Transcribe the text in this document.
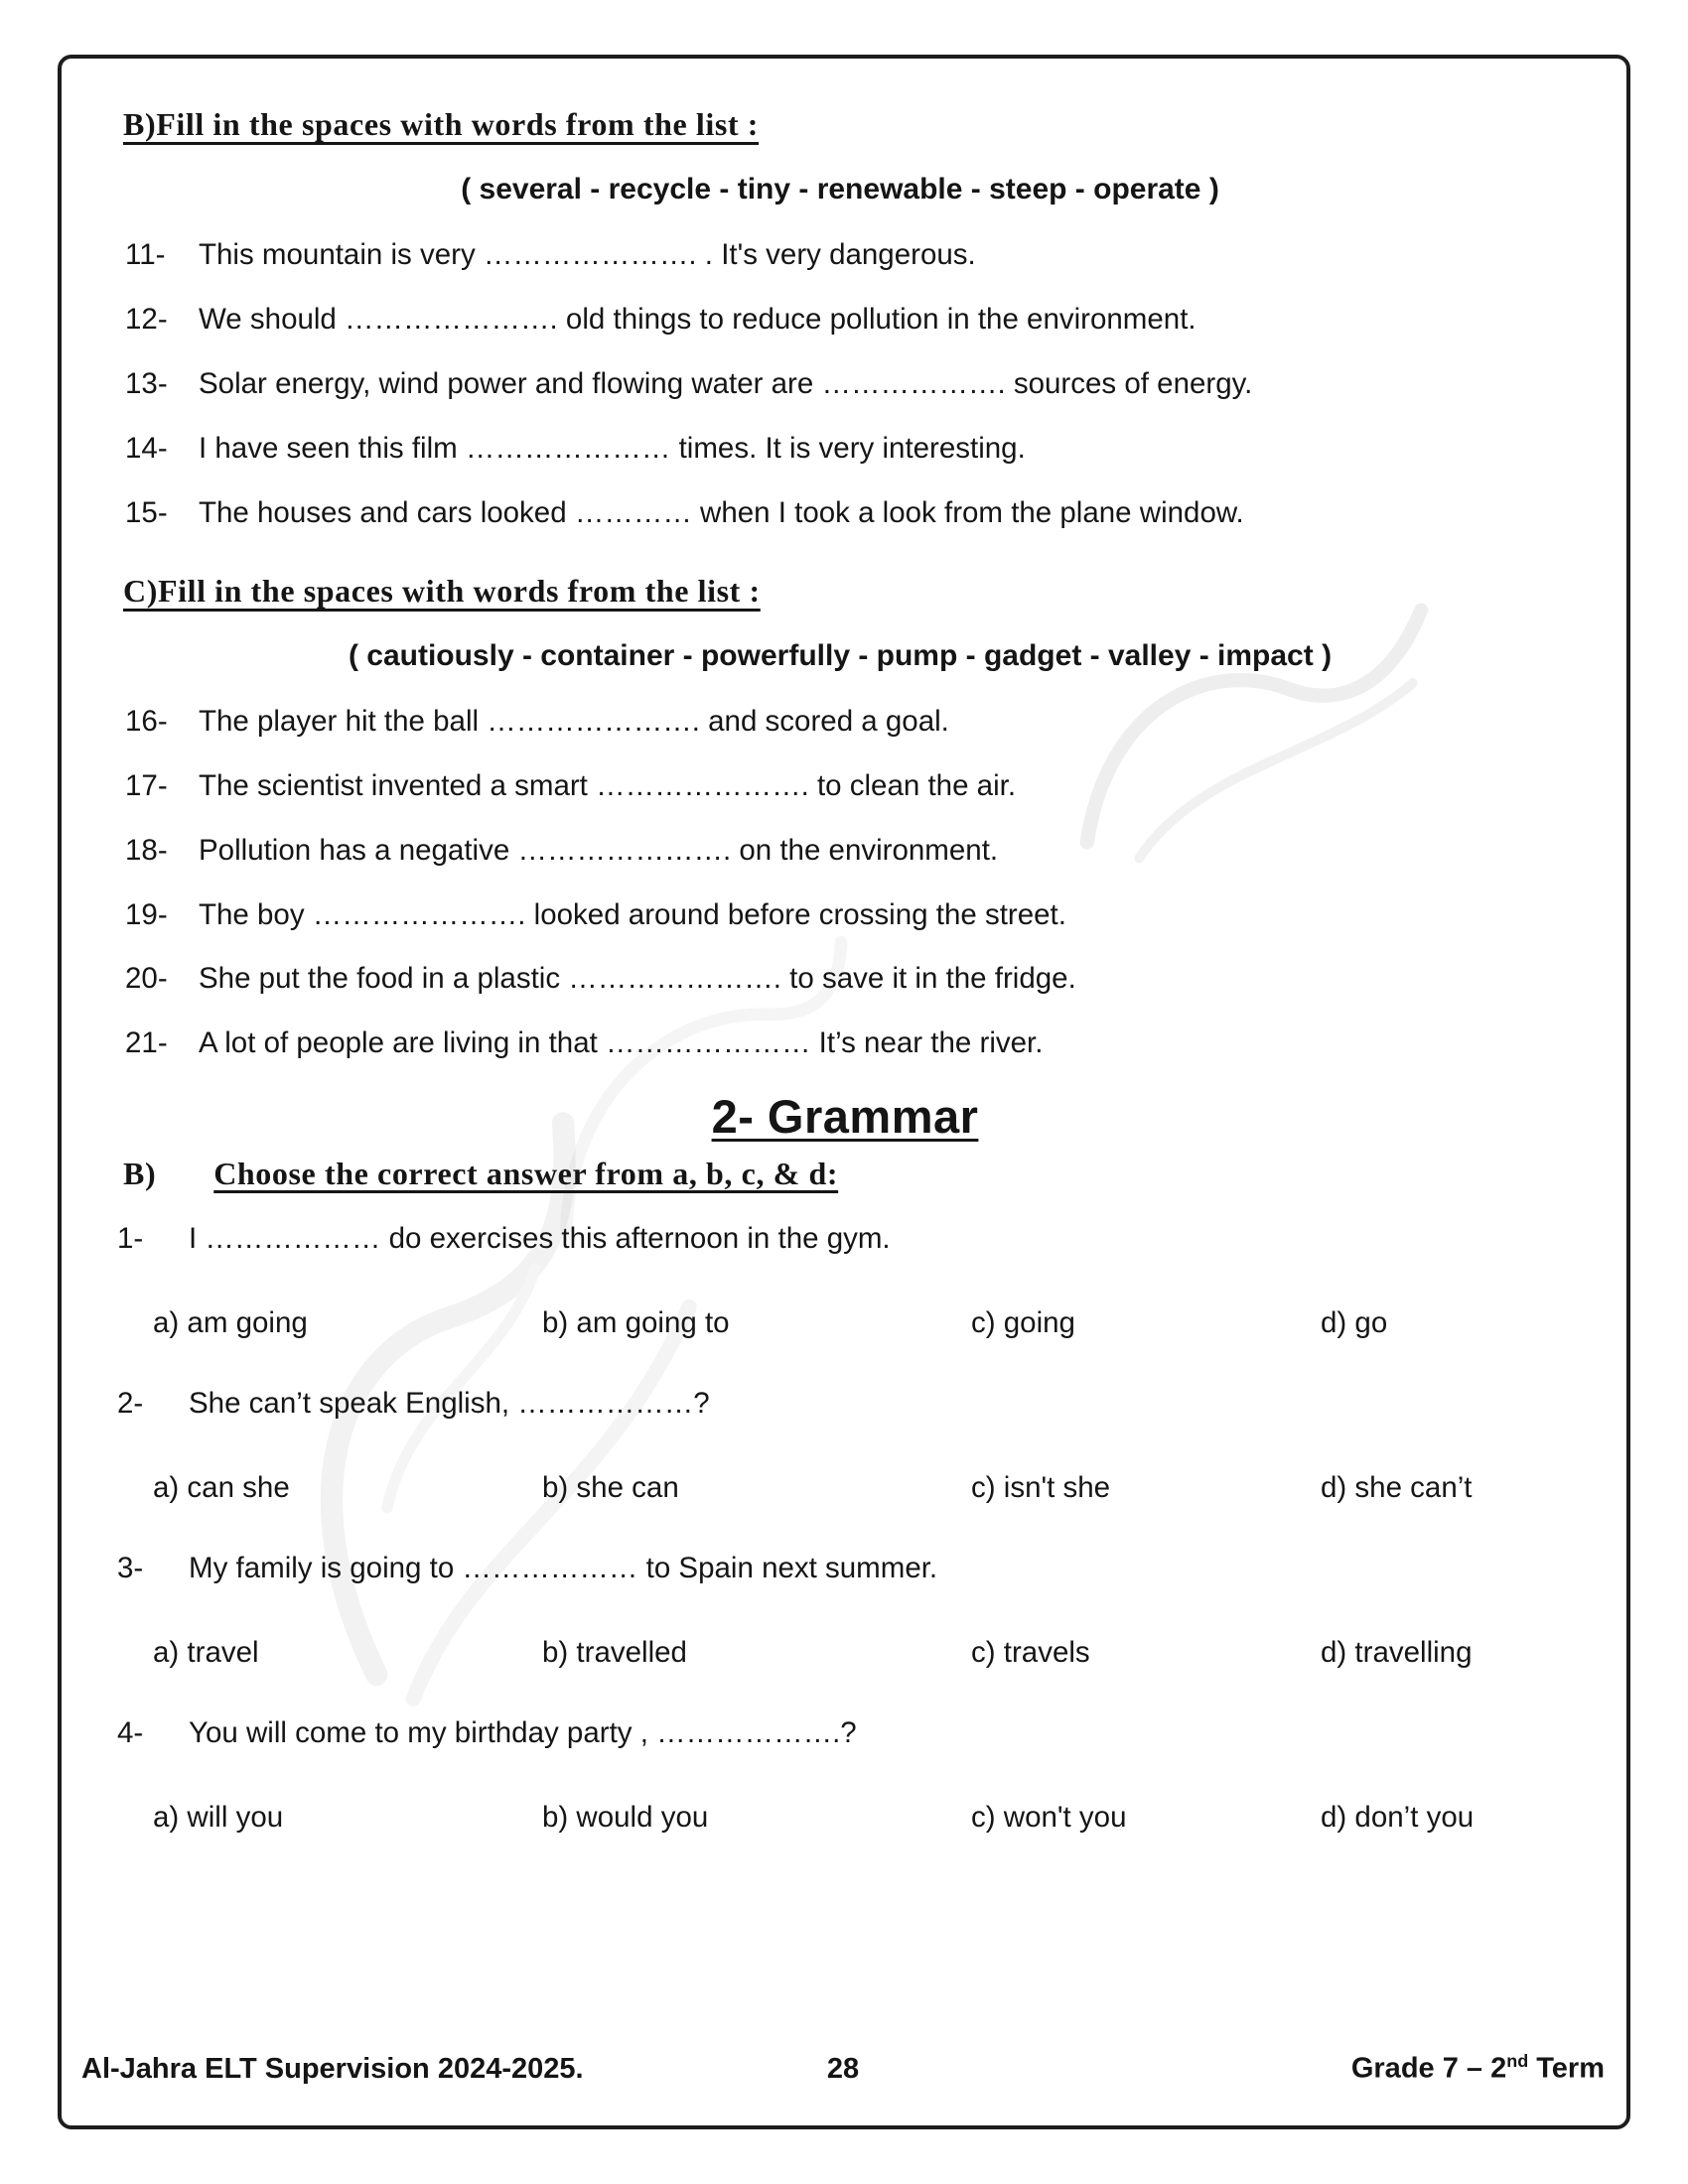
B)Fill in the spaces with words from the list :
( several - recycle - tiny - renewable - steep - operate )
11-	This mountain is very …………………. . It's very dangerous.
12-	We should …………………. old things to reduce pollution in the environment.
13-	Solar energy, wind power and flowing water are ………………. sources of energy.
14-	I have seen this film ………………… times. It is very interesting.
15-	The houses and cars looked ………… when I took a look from the plane window.
C)Fill in the spaces with words from the list :
( cautiously - container - powerfully - pump - gadget - valley - impact )
16-	The player hit the ball …………………. and scored a goal.
17-	The scientist invented a smart …………………. to clean the air.
18-	Pollution has a negative …………………. on the environment.
19-	The boy …………………. looked around before crossing the street.
20-	She put the food in a plastic …………………. to save it in the fridge.
21-	A lot of people are living in that ………………… It’s near the river.
2- Grammar
B) Choose the correct answer from a, b, c, & d:
1-	I ……………… do exercises this afternoon in the gym.
a) am going	b) am going to	c) going	d) go
2-	She can’t speak English, ………………?
a) can she	b) she can	c) isn't she	d) she can’t
3-	My family is going to ……………… to Spain next summer.
a) travel	b) travelled	c) travels	d) travelling
4-	You will come to my birthday party , ……………….?
a) will you	b) would you	c) won't you	d) don’t you
Al-Jahra ELT Supervision 2024-2025.	28	Grade 7 – 2nd Term
